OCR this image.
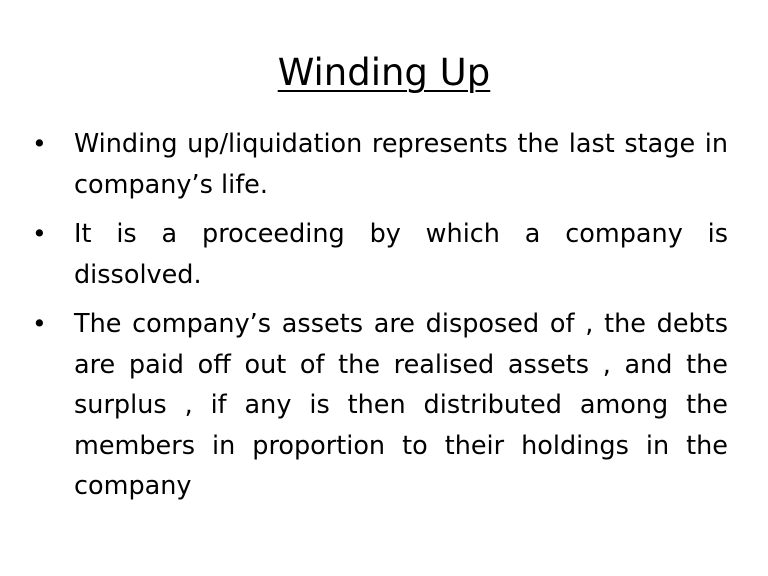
Winding Up
• Winding up/liquidation represents the last stage in company’s life.
• It is a proceeding by which a company is dissolved.
• The company’s assets are disposed of , the debts are paid off out of the realised assets , and the surplus , if any is then distributed among the members in proportion to their holdings in the company
